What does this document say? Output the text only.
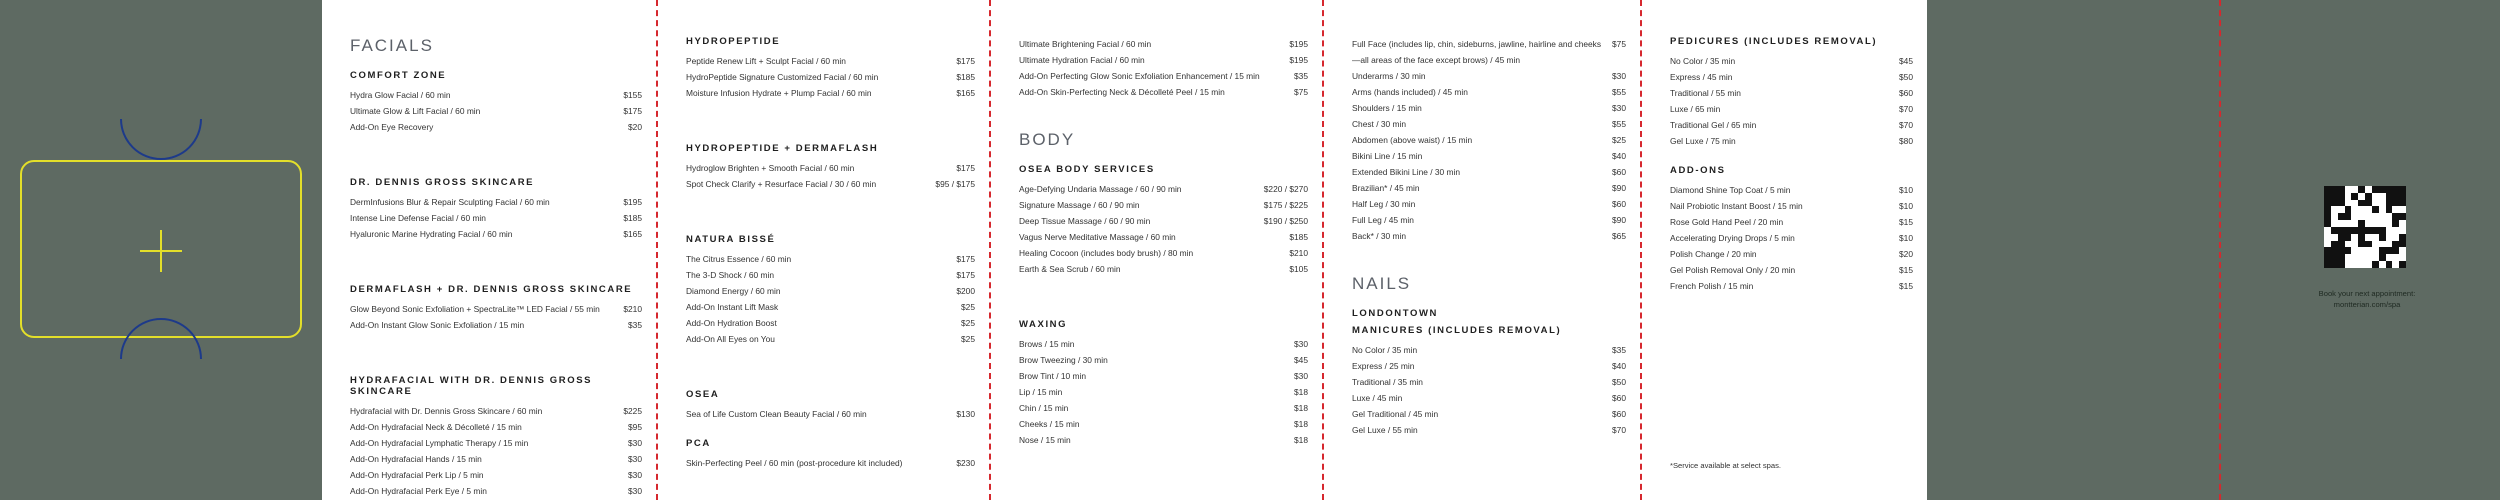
FACIALS
COMFORT ZONE
Hydra Glow Facial / 60 min	$155
Ultimate Glow & Lift Facial / 60 min	$175
Add-On Eye Recovery	$20
DR. DENNIS GROSS SKINCARE
DermInfusions Blur & Repair Sculpting Facial / 60 min	$195
Intense Line Defense Facial / 60 min	$185
Hyaluronic Marine Hydrating Facial / 60 min	$165
DERMAFLASH + DR. DENNIS GROSS SKINCARE
Glow Beyond Sonic Exfoliation + SpectraLite™ LED Facial / 55 min	$210
Add-On Instant Glow Sonic Exfoliation / 15 min	$35
HYDRAFACIAL WITH DR. DENNIS GROSS SKINCARE
Hydrafacial with Dr. Dennis Gross Skincare / 60 min	$225
Add-On Hydrafacial Neck & Décolleté / 15 min	$95
Add-On Hydrafacial Lymphatic Therapy / 15 min	$30
Add-On Hydrafacial Hands / 15 min	$30
Add-On Hydrafacial Perk Lip / 5 min	$30
Add-On Hydrafacial Perk Eye / 5 min	$30
HYDROPEPTIDE
Peptide Renew Lift + Sculpt Facial / 60 min	$175
HydroPeptide Signature Customized Facial / 60 min	$185
Moisture Infusion Hydrate + Plump Facial / 60 min	$165
HYDROPEPTIDE + DERMAFLASH
Hydroglow Brighten + Smooth Facial / 60 min	$175
Spot Check Clarify + Resurface Facial / 30 / 60 min	$95 / $175
NATURA BISSÉ
The Citrus Essence / 60 min	$175
The 3-D Shock / 60 min	$175
Diamond Energy / 60 min	$200
Add-On Instant Lift Mask	$25
Add-On Hydration Boost	$25
Add-On All Eyes on You	$25
OSEA
Sea of Life Custom Clean Beauty Facial / 60 min	$130
PCA
Skin-Perfecting Peel / 60 min (post-procedure kit included)	$230
Ultimate Brightening Facial / 60 min	$195
Ultimate Hydration Facial / 60 min	$195
Add-On Perfecting Glow Sonic Exfoliation Enhancement / 15 min	$35
Add-On Skin-Perfecting Neck & Décolleté Peel / 15 min	$75
BODY
OSEA BODY SERVICES
Age-Defying Undaria Massage / 60 / 90 min	$220 / $270
Signature Massage / 60 / 90 min	$175 / $225
Deep Tissue Massage / 60 / 90 min	$190 / $250
Vagus Nerve Meditative Massage / 60 min	$185
Healing Cocoon (includes body brush) / 80 min	$210
Earth & Sea Scrub / 60 min	$105
WAXING
Brows / 15 min	$30
Brow Tweezing / 30 min	$45
Brow Tint / 10 min	$30
Lip / 15 min	$18
Chin / 15 min	$18
Cheeks / 15 min	$18
Nose / 15 min	$18
Full Face (includes lip, chin, sideburns, jawline, hairline and cheeks—all areas of the face except brows) / 45 min
$75
Underarms / 30 min	$30
Arms (hands included) / 45 min	$55
Shoulders / 15 min	$30
Chest / 30 min	$55
Abdomen (above waist) / 15 min	$25
Bikini Line / 15 min	$40
Extended Bikini Line / 30 min	$60
Brazilian* / 45 min	$90
Half Leg / 30 min	$60
Full Leg / 45 min	$90
Back* / 30 min	$65
NAILS
LONDONTOWN
MANICURES (INCLUDES REMOVAL)
No Color / 35 min	$35
Express / 25 min	$40
Traditional / 35 min	$50
Luxe / 45 min	$60
Gel Traditional / 45 min	$60
Gel Luxe / 55 min	$70
PEDICURES (INCLUDES REMOVAL)
No Color / 35 min	$45
Express / 45 min	$50
Traditional / 55 min	$60
Luxe / 65 min	$70
Traditional Gel / 65 min	$70
Gel Luxe / 75 min	$80
ADD-ONS
Diamond Shine Top Coat / 5 min	$10
Nail Probiotic Instant Boost / 15 min	$10
Rose Gold Hand Peel / 20 min	$15
Accelerating Drying Drops / 5 min	$10
Polish Change / 20 min	$20
Gel Polish Removal Only / 20 min	$15
French Polish / 15 min	$15
*Service available at select spas.
Book your next appointment:
montterian.com/spa
